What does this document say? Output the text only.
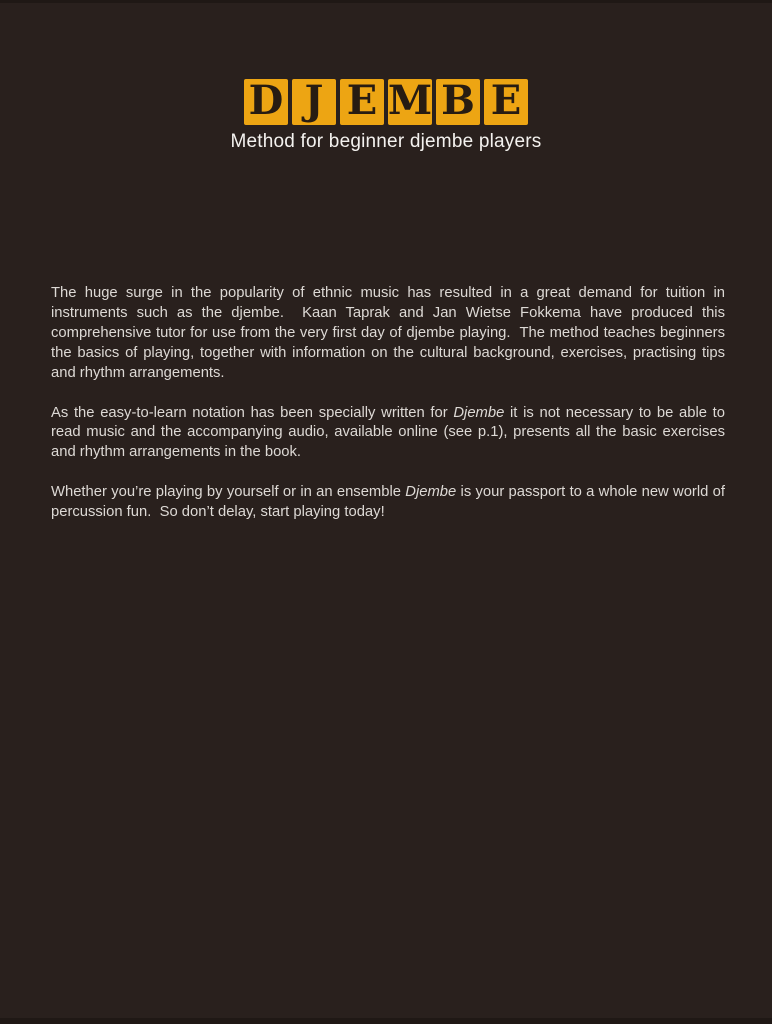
D J E M B E
Method for beginner djembe players

The huge surge in the popularity of ethnic music has resulted in a great demand for tuition in instruments such as the djembe.  Kaan Taprak and Jan Wietse Fokkema have produced this comprehensive tutor for use from the very first day of djembe playing.  The method teaches beginners the basics of playing, together with information on the cultural background, exercises, practising tips and rhythm arrangements.

As the easy-to-learn notation has been specially written for Djembe it is not necessary to be able to read music and the accompanying audio, available online (see p.1), presents all the basic exercises and rhythm arrangements in the book.

Whether you’re playing by yourself or in an ensemble Djembe is your passport to a whole new world of percussion fun.  So don’t delay, start playing today!
